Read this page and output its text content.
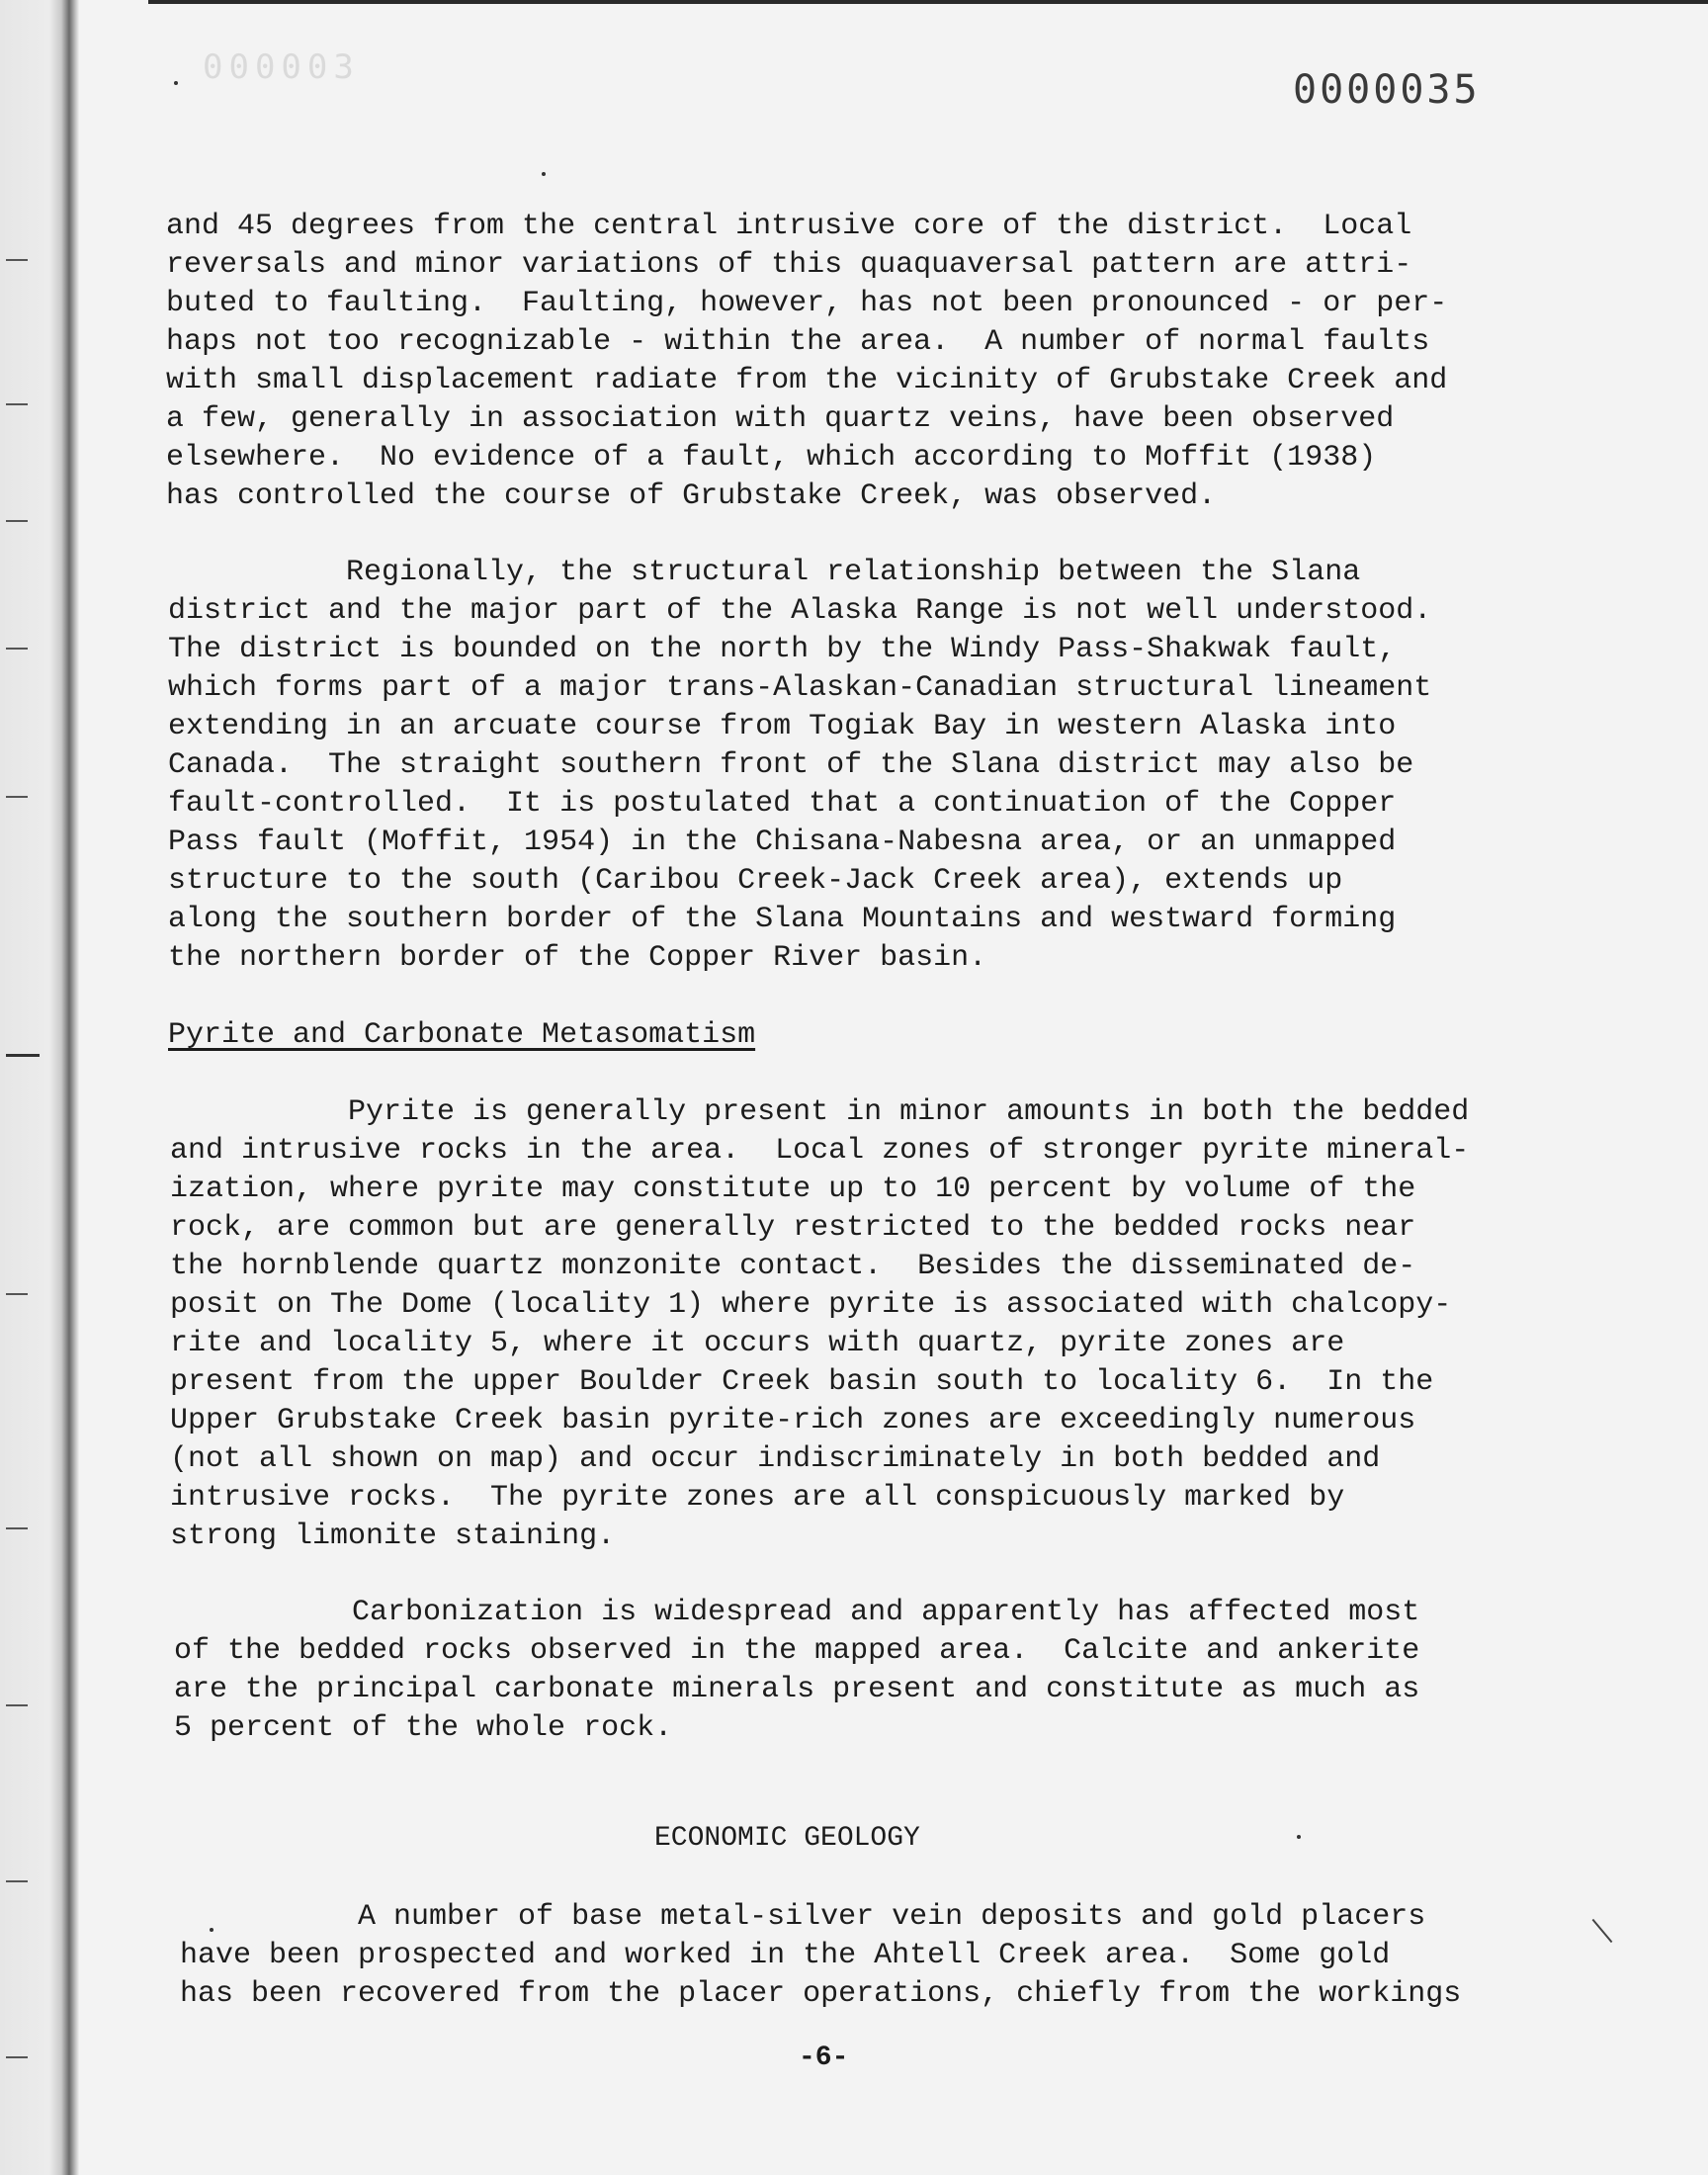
000003	0000035

and 45 degrees from the central intrusive core of the district.  Local
reversals and minor variations of this quaquaversal pattern are attri-
buted to faulting.  Faulting, however, has not been pronounced - or per-
haps not too recognizable - within the area.  A number of normal faults
with small displacement radiate from the vicinity of Grubstake Creek and
a few, generally in association with quartz veins, have been observed
elsewhere.  No evidence of a fault, which according to Moffit (1938)
has controlled the course of Grubstake Creek, was observed.

Regionally, the structural relationship between the Slana
district and the major part of the Alaska Range is not well understood.
The district is bounded on the north by the Windy Pass-Shakwak fault,
which forms part of a major trans-Alaskan-Canadian structural lineament
extending in an arcuate course from Togiak Bay in western Alaska into
Canada.  The straight southern front of the Slana district may also be
fault-controlled.  It is postulated that a continuation of the Copper
Pass fault (Moffit, 1954) in the Chisana-Nabesna area, or an unmapped
structure to the south (Caribou Creek-Jack Creek area), extends up
along the southern border of the Slana Mountains and westward forming
the northern border of the Copper River basin.

Pyrite and Carbonate Metasomatism

Pyrite is generally present in minor amounts in both the bedded
and intrusive rocks in the area.  Local zones of stronger pyrite mineral-
ization, where pyrite may constitute up to 10 percent by volume of the
rock, are common but are generally restricted to the bedded rocks near
the hornblende quartz monzonite contact.  Besides the disseminated de-
posit on The Dome (locality 1) where pyrite is associated with chalcopy-
rite and locality 5, where it occurs with quartz, pyrite zones are
present from the upper Boulder Creek basin south to locality 6.  In the
Upper Grubstake Creek basin pyrite-rich zones are exceedingly numerous
(not all shown on map) and occur indiscriminately in both bedded and
intrusive rocks.  The pyrite zones are all conspicuously marked by
strong limonite staining.

Carbonization is widespread and apparently has affected most
of the bedded rocks observed in the mapped area.  Calcite and ankerite
are the principal carbonate minerals present and constitute as much as
5 percent of the whole rock.

ECONOMIC GEOLOGY

A number of base metal-silver vein deposits and gold placers
have been prospected and worked in the Ahtell Creek area.  Some gold
has been recovered from the placer operations, chiefly from the workings

-6-
